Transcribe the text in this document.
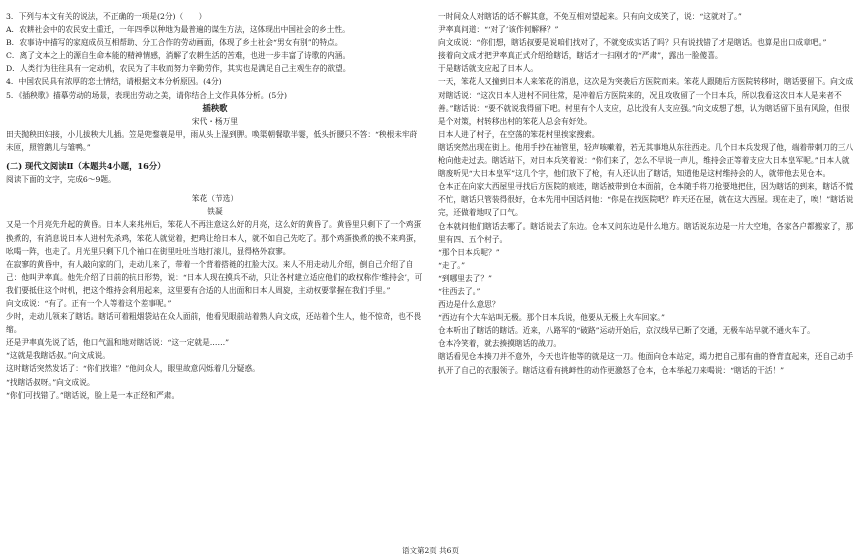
3．下列与本文有关的说法，不正确的一项是(2分)（　　）

A．农耕社会中的农民安土重迁，一年四季以种地为最普遍的谋生方法，这体现出中国社会的乡土性。

B．农事诗中描写的家庭成员互相帮助、分工合作的劳动画面，体现了乡土社会“男女有别”的特点。

C．离了文本之上的源自生命本能的精神情感，消解了农耕生活的苦难，也进一步丰富了诗歌的内涵。

D．人类行为往往具有一定动机，农民为了丰收而努力辛勤劳作，其实也是满足自己主观生存的欲望。

4．中国农民具有浓厚的恋土情结，请根据文本分析原因。(4分)

5．《插秧歌》描摹劳动的场景，表现出劳动之美，请你结合上文作具体分析。(5分)

插秧歌

宋代・杨万里

田夫抛秧田妇接，小儿拔秧大儿插。笠是兜鍪蓑是甲，雨从头上湿到胛。唤渠朝餐歇半霎，低头折腰只不答：“秧根未牢莳未匝，照管鹅儿与雏鸭。”

(二) 现代文阅读Ⅱ（本题共4小题，16分）

阅读下面的文字，完成6～9题。

笨花（节选）

铁凝

又是一个月亮先升起的黄昏。日本人来兆州后，笨花人不再注意这么好的月亮，这么好的黄昏了。黄昏里只剩下了一个鸡蛋换煮的，有消息说日本人进村先杀鸡，笨花人就觉着，把鸡让给日本人，就不如自己先吃了。那个鸡蛋换煮的换不来鸡蛋，吆喝一阵，也走了。月光里只剩下几个袖口在街里吐吐当地打滚儿，显得格外寂寥。

在寂寥的黄昏中，有人敲向家的门，走动儿来了，带着一个背着搭裢的扛脸大汉。来人不用走动儿介绍，倒自己介绍了自己：他叫尹率真。他先介绍了日前的抗日形势，说：“日本人现在摸兵不动，只让各村建立适应他们的政权称作‘维持会’，可我们要抵住这个时机，把这个维持会利用起来，这里要有合适的人出面和日本人周旋，主动权要掌握在我们手里。”

向文成说：“有了。正有一个人等着这个差事呢。”

少时，走动儿领来了瞎话。瞎话可着粗烟袋站在众人面前，他看见眼前站着熟人向文成，还站着个生人，他不惊奇，也不畏缩。

还是尹率真先说了话，他口气温和地对瞎话说：“这一定就是……”

“这就是我瞎话叔。”向文成说。

这时瞎话突然发话了：“你们找谁？”他问众人，眼里故意闪烁着几分疑惑。

“找瞎话叔呀。”向文成说。

“你们可找错了。”瞎话说，脸上是一本正经和严肃。

一时间众人对瞎话的话不解其意，不免互相对望起来。只有向文成笑了，说：“这就对了。”

尹率真问道：“‘对了’该作何解释？”

向文成说：“你们想，瞎话叔要是说咱们找对了，不就变成实话了吗？只有说找错了才是瞎话。也算是出口成章吧。”

接着向文成才把尹率真正式介绍给瞎话，瞎话才一扫刚才的“严肃”，露出一脸傻喜。

于是瞎话就支应起了日本人。

一天，笨花人又撞到日本人来笨花的消息，这次是为突袭后方医院而来。笨花人跟随后方医院转移时，瞎话要留下。向文成对瞎话说：“这次日本人进村不同往常，是冲着后方医院来的，况且攻收留了一个日本兵，所以我看这次日本人是来者不善。”瞎话说：“要不就说我得留下吧。村里有个人支应，总比没有人支应强。”向文成想了想，认为瞎话留下虽有风险，但很是个对策，村转移出村的笨花人总会有好处。

日本人进了村子，在空荡的笨花村里挨家搜索。

瞎话突然出现在街上。他用手抄在袖管里，轻声咳嗽着，若无其事地从东往西走。几个日本兵发现了他，端着带刺刀的三八枪向他走过去。瞎话站下，对日本兵笑着说：“你们来了，怎么不早说一声儿，维持会正等着支应大日本皇军呢。”日本人就瞎废听见“大日本皇军”这几个字，他们放下了枪，有人还认出了瞎话，知道他是这村维持会的人，就带他去见仓本。

仓本正在向家大西屋里寻找后方医院的痕迹，瞎话被带到仓本面前，仓本随手将刀抢要地把住，因为瞎话的到来，瞎话不慌不忙，瞎话只管装得很好，仓本先用中国话问他：“你是在找医院吧？昨天还在屋，就在这大西屋。现在走了，唉！”瞎话说完，还做着地叹了口气。

仓本就问他们瞎话去哪了。瞎话说去了东边。仓本又问东边是什么地方。瞎话说东边是一片大空地，各家各户都搬家了，那里有四、五个村子。

“那个日本兵呢？”

“走了。”

“到哪里去了？”

“往西去了。”

西边是什么意思？

“西边有个大车站叫无极。那个日本兵说，他要从无极上火车回家。”

仓本听出了瞎话的瞎话。近来，八路军的“破路”运动开始后，京汉线早已断了交通，无极车站早就不通火车了。

仓本冷笑着，就去揍摸瞎话的战刀。

瞎话看见仓本揍刀并不意外，今天也许他等的就是这一刀。他面向仓本站定，竭力把自己那有曲的脊背直起来，还自己动手扒开了自己的衣服领子。瞎话这看有挑衅性的动作更激怒了仓本，仓本举起刀来喝说：“瞎话的干活！”

语文第2页 共6页
